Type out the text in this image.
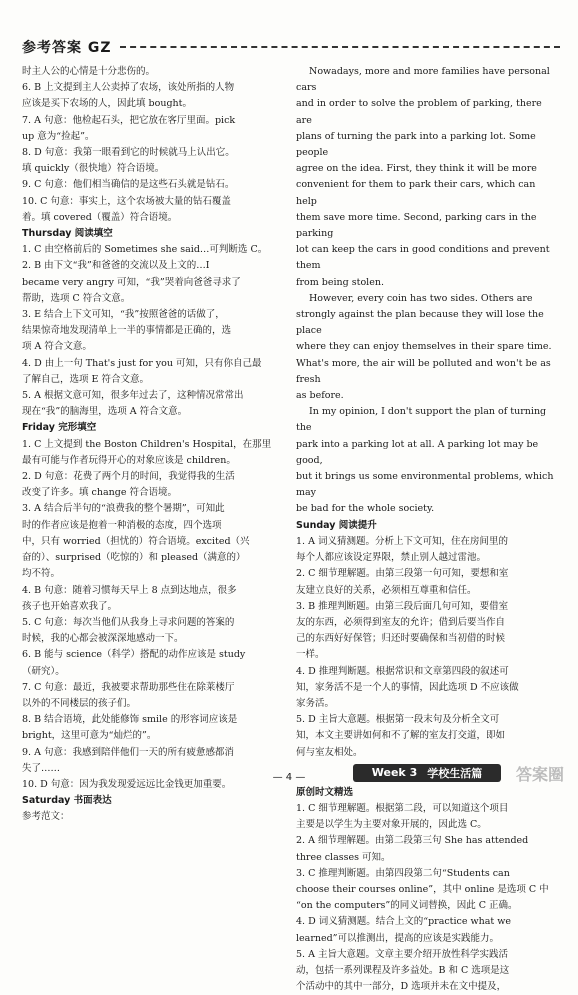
参考答案 GZ

时主人公的心情是十分悲伤的。

6. B 上文提到主人公卖掉了农场，该处所指的人物

应该是买下农场的人，因此填 bought。

7. A 句意：他检起石头，把它放在客厅里面。pick

up 意为“捡起”。

8. D 句意：我第一眼看到它的时候就马上认出它。

填 quickly（很快地）符合语境。

9. C 句意：他们相当确信的是这些石头就是钻石。

10. C 句意：事实上，这个农场被大量的钻石覆盖

着。填 covered（覆盖）符合语境。

Thursday 阅读填空

1. C 由空格前后的 Sometimes she said…可判断选 C。

2. B 由下文“我”和爸爸的交流以及上文的…I

became very angry 可知，“我”哭着向爸爸寻求了

帮助，选项 C 符合文意。

3. E 结合上下文可知，“我”按照爸爸的话做了，

结果惊奇地发现清单上一半的事情都是正确的，选

项 A 符合文意。

4. D 由上一句 That's just for you 可知，只有你自己最

了解自己，选项 E 符合文意。

5. A 根据文意可知，很多年过去了，这种情况常常出

现在“我”的脑海里，选项 A 符合文意。

Friday 完形填空

1. C 上文提到 the Boston Children's Hospital，在那里

最有可能与作者玩得开心的对象应该是 children。

2. D 句意：花费了两个月的时间，我觉得我的生活

改变了许多。填 change 符合语境。

3. A 结合后半句的“浪费我的整个暑期”，可知此

时的作者应该是抱着一种消极的态度，四个选项

中，只有 worried（担忧的）符合语境。excited（兴

奋的）、surprised（吃惊的）和 pleased（满意的）

均不符。

4. B 句意：随着习惯每天早上 8 点到达地点，很多

孩子也开始喜欢我了。

5. C 句意：每次当他们从我身上寻求问题的答案的

时候，我的心都会被深深地感动一下。

6. B 能与 science（科学）搭配的动作应该是 study

（研究）。

7. C 句意：最近，我被要求帮助那些住在除莱楼厅

以外的不同楼层的孩子们。

8. B 结合语境，此处能修饰 smile 的形容词应该是

bright，这里可意为“灿烂的”。

9. A 句意：我感到陪伴他们一天的所有疲惫感都消

失了……

10. D 句意：因为我发现爱远远比金钱更加重要。

Saturday 书面表达

参考范文：

Nowadays, more and more families have personal cars

and in order to solve the problem of parking, there are

plans of turning the park into a parking lot. Some people

agree on the idea. First, they think it will be more

convenient for them to park their cars, which can help

them save more time. Second, parking cars in the parking

lot can keep the cars in good conditions and prevent them

from being stolen.

However, every coin has two sides. Others are

strongly against the plan because they will lose the place

where they can enjoy themselves in their spare time.

What's more, the air will be polluted and won't be as fresh

as before.

In my opinion, I don't support the plan of turning the

park into a parking lot at all. A parking lot may be good,

but it brings us some environmental problems, which may

be bad for the whole society.

Sunday 阅读提升

1. A 词义猜测题。分析上下文可知，住在房间里的

每个人都应该设定界限，禁止别人越过雷池。

2. C 细节理解题。由第三段第一句可知，要想和室

友建立良好的关系，必须相互尊重和信任。

3. B 推理判断题。由第三段后面几句可知，要借室

友的东西，必须得到室友的允许；借到后要当作自

己的东西好好保管；归还时要确保和当初借的时候

一样。

4. D 推理判断题。根据常识和文章第四段的叙述可

知，家务活不是一个人的事情，因此选项 D 不应该做

家务活。

5. D 主旨大意题。根据第一段末句及分析全文可

知，本文主要讲如何和不了解的室友打交道，即如

何与室友相处。

Week 3 学校生活篇

原创时文精选

1. C 细节理解题。根据第二段，可以知道这个项目

主要是以学生为主要对象开展的，因此选 C。

2. A 细节理解题。由第二段第三句 She has attended

three classes 可知。

3. C 推理判断题。由第四段第二句“Students can

choose their courses online”，其中 online 是选项 C 中

“on the computers”的同义词替换，因此 C 正确。

4. D 词义猜测题。结合上文的“practice what we

learned”可以推测出，提高的应该是实践能力。

5. A 主旨大意题。文章主要介绍开放性科学实践活

动，包括一系列课程及许多益处。B 和 C 选项是这

个活动中的其中一部分，D 选项并未在文中提及，

— 4 —	答案圈
